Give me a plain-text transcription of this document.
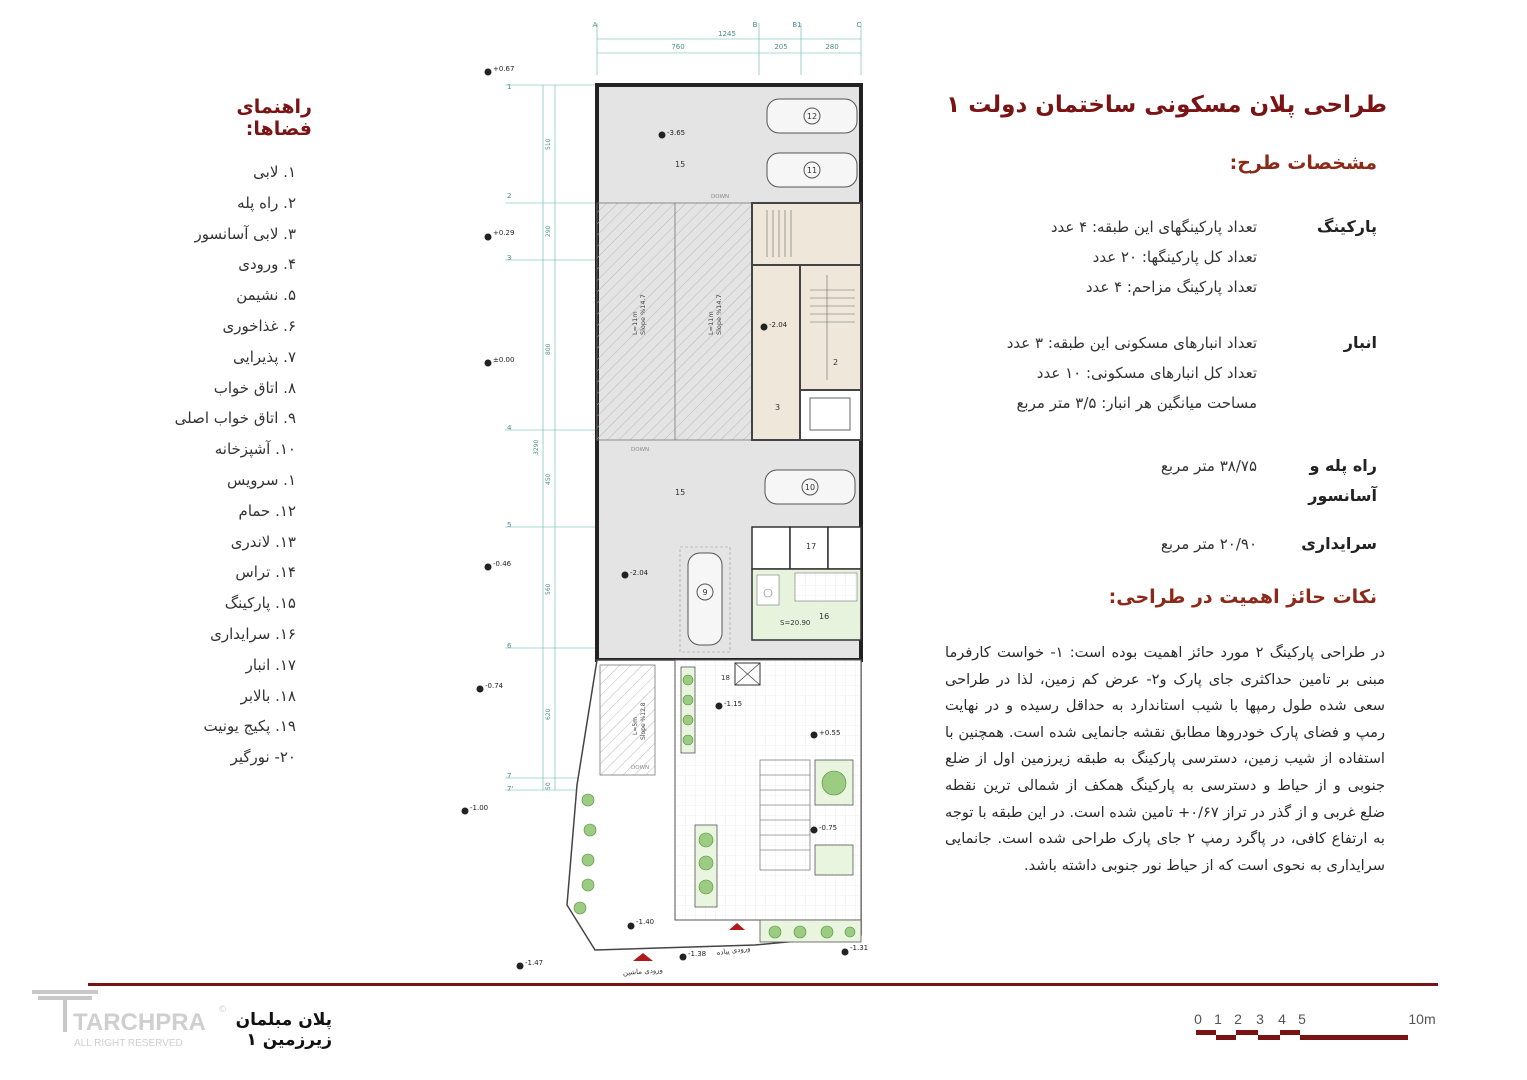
طراحی پلان مسکونی ساختمان دولت ۱
مشخصات طرح:
پارکینگ
تعداد پارکینگهای این طبقه: ۴ عدد
تعداد کل پارکینگها: ۲۰ عدد
تعداد پارکینگ مزاحم: ۴ عدد
انبار
تعداد انبارهای مسکونی این طبقه: ۳ عدد
تعداد کل انبارهای مسکونی: ۱۰ عدد
مساحت میانگین هر انبار: ۳/۵ متر مربع
راه پله و آسانسور
۳۸/۷۵ متر مربع
سرایداری
۲۰/۹۰ متر مربع
نکات حائز اهمیت در طراحی:
در طراحی پارکینگ ۲ مورد حائز اهمیت بوده است: ۱- خواست کارفرما مبنی بر تامین حداکثری جای پارک و۲- عرض کم زمین، لذا در طراحی سعی شده طول رمپها با شیب استاندارد به حداقل رسیده و در نهایت رمپ و فضای پارک خودروها مطابق نقشه جانمایی شده است. همچنین با استفاده از شیب زمین، دسترسی پارکینگ به طبقه زیرزمین اول از ضلع جنوبی و از حیاط و دسترسی به پارکینگ همکف از شمالی ترین نقطه ضلع غربی و از گذر در تراز ۰/۶۷+ تامین شده است. در این طبقه با توجه به ارتفاع کافی، در پاگرد رمپ ۲ جای پارک طراحی شده است. جانمایی سرایداری به نحوی است که از حیاط نور جنوبی داشته باشد.
راهنمای فضاها:
۱. لابی
۲. راه پله
۳. لابی آسانسور
۴. ورودی
۵. نشیمن
۶. غذاخوری
۷. پذیرایی
۸. اتاق خواب
۹. اتاق خواب اصلی
۱۰. آشپزخانه
۱. سرویس
۱۲. حمام
۱۳. لاندری
۱۴. تراس
۱۵. پارکینگ
۱۶. سرایداری
۱۷. انبار
۱۸. بالابر
۱۹. پکیج یونیت
۲۰- نورگیر
A	B	B1	C
1245
760	205	280
1
2
3
4
5
6
7
7'
510
290
800
3290
450
560
620
50
L=11m Slope %14.7	L=11m Slope %14.7
DOWN
DOWN
3
2
15
15
12
11
10
9
17
16
S=20.90
L=5m Slope %12.8
DOWN
18
ورودی پیاده
ورودی ماشین
+0.67
+0.29
±0.00
-0.46
-0.74
-1.00
-1.47
-3.65
-2.04
-2.04
-1.15
+0.55
-0.75
-1.40
-1.38
-1.31
TARCHPRA
ALL RIGHT RESERVED
© پلان مبلمان زیرزمین ۱
0 1 2 3 4 5	10m
